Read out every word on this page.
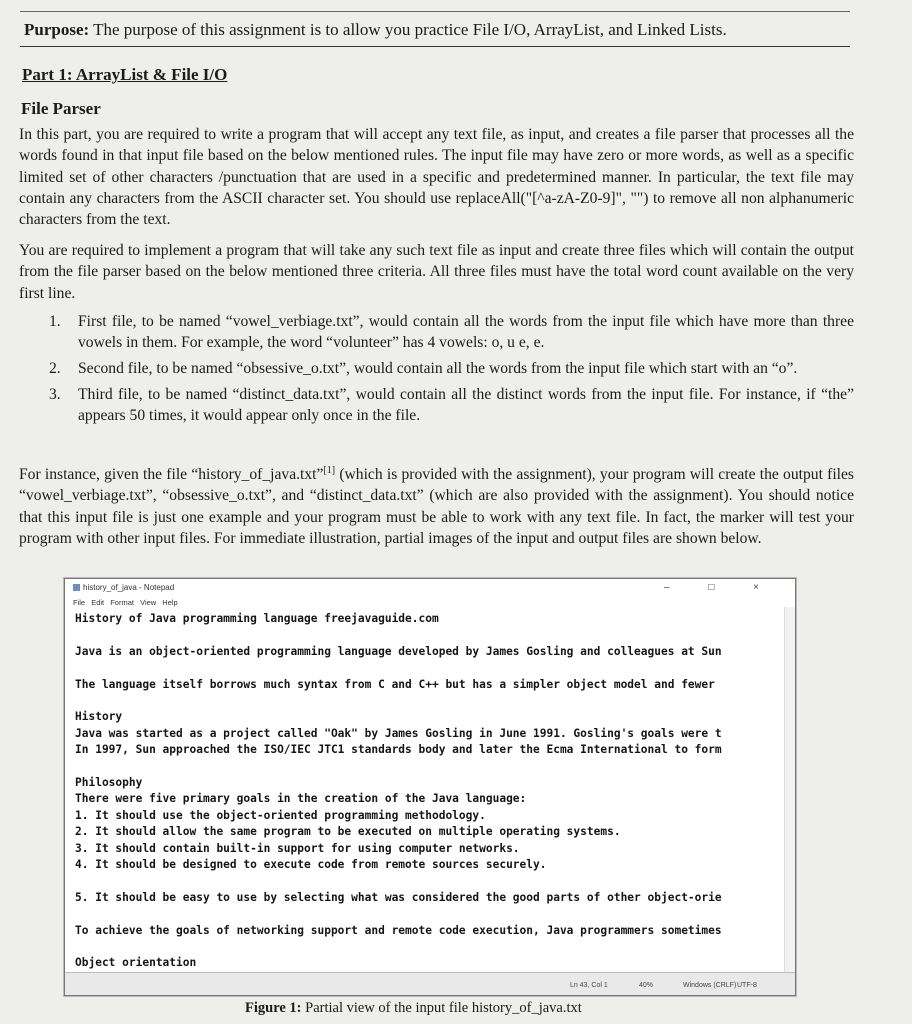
Purpose: The purpose of this assignment is to allow you practice File I/O, ArrayList, and Linked Lists.
Part 1: ArrayList & File I/O
File Parser
In this part, you are required to write a program that will accept any text file, as input, and creates a file parser that processes all the words found in that input file based on the below mentioned rules. The input file may have zero or more words, as well as a specific limited set of other characters /punctuation that are used in a specific and predetermined manner. In particular, the text file may contain any characters from the ASCII character set. You should use replaceAll("[^a-zA-Z0-9]", "") to remove all non alphanumeric characters from the text.
You are required to implement a program that will take any such text file as input and create three files which will contain the output from the file parser based on the below mentioned three criteria. All three files must have the total word count available on the very first line.
1. First file, to be named “vowel_verbiage.txt”, would contain all the words from the input file which have more than three vowels in them. For example, the word “volunteer” has 4 vowels: o, u e, e.
2. Second file, to be named “obsessive_o.txt”, would contain all the words from the input file which start with an “o”.
3. Third file, to be named “distinct_data.txt”, would contain all the distinct words from the input file. For instance, if “the” appears 50 times, it would appear only once in the file.
For instance, given the file “history_of_java.txt”[1] (which is provided with the assignment), your program will create the output files “vowel_verbiage.txt”, “obsessive_o.txt”, and “distinct_data.txt” (which are also provided with the assignment). You should notice that this input file is just one example and your program must be able to work with any text file. In fact, the marker will test your program with other input files. For immediate illustration, partial images of the input and output files are shown below.
history_of_java - Notepad	– □ ×
File Edit Format View Help
History of Java programming language freejavaguide.com
Java is an object-oriented programming language developed by James Gosling and colleagues at Sun
The language itself borrows much syntax from C and C++ but has a simpler object model and fewer
History
Java was started as a project called "Oak" by James Gosling in June 1991. Gosling's goals were t
In 1997, Sun approached the ISO/IEC JTC1 standards body and later the Ecma International to form
Philosophy
There were five primary goals in the creation of the Java language:
1. It should use the object-oriented programming methodology.
2. It should allow the same program to be executed on multiple operating systems.
3. It should contain built-in support for using computer networks.
4. It should be designed to execute code from remote sources securely.
5. It should be easy to use by selecting what was considered the good parts of other object-orie
To achieve the goals of networking support and remote code execution, Java programmers sometimes
Object orientation
Ln 43, Col 1	40%	Windows (CRLF) UTF-8
Figure 1: Partial view of the input file history_of_java.txt
